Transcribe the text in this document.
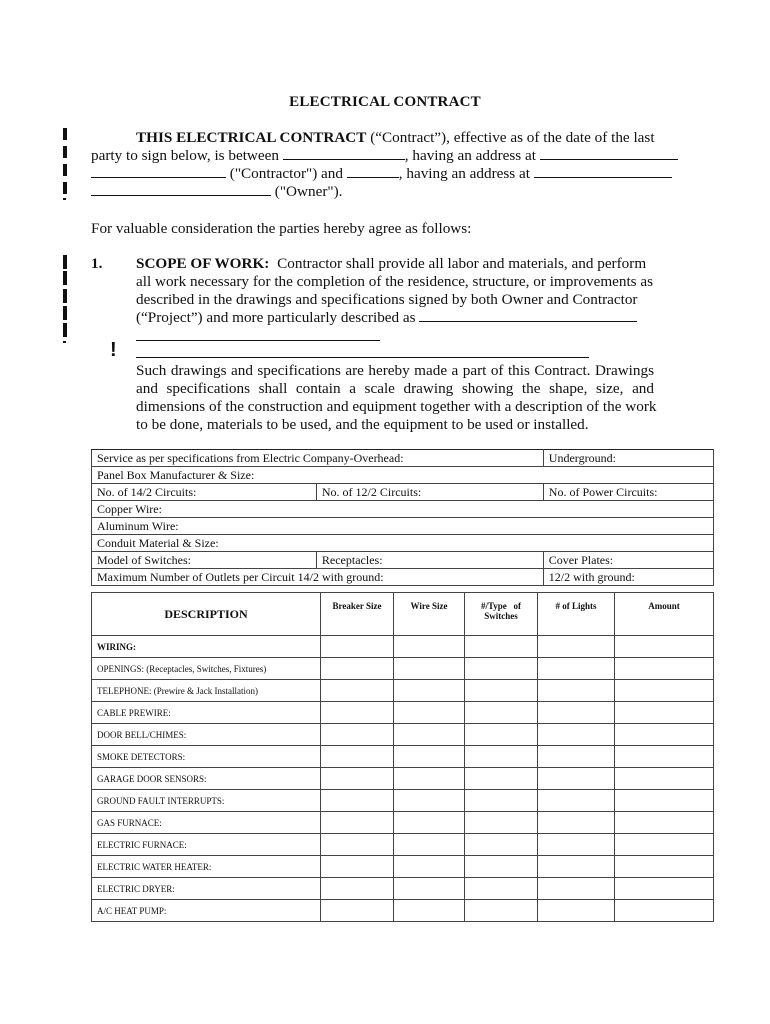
ELECTRICAL CONTRACT
!
THIS ELECTRICAL CONTRACT (“Contract”), effective as of the date of the last
party to sign below, is between	, having an address at
("Contractor") and	, having an address at
("Owner").
For valuable consideration the parties hereby agree as follows:
1. SCOPE OF WORK: Contractor shall provide all labor and materials, and perform
all work necessary for the completion of the residence, structure, or improvements as
described in the drawings and specifications signed by both Owner and Contractor
(“Project”) and more particularly described as
Such drawings and specifications are hereby made a part of this Contract. Drawings
and specifications shall contain a scale drawing showing the shape, size, and
dimensions of the construction and equipment together with a description of the work
to be done, materials to be used, and the equipment to be used or installed.
Service as per specifications from Electric Company-Overhead:		Underground:
Panel Box Manufacturer & Size:		
No. of 14/2 Circuits:	No. of 12/2 Circuits:	No. of Power Circuits:
Copper Wire:		
Aluminum Wire:		
Conduit Material & Size:		
Model of Switches:	Receptacles:	Cover Plates:
Maximum Number of Outlets per Circuit 14/2 with ground:		12/2 with ground:
DESCRIPTION	Breaker Size	Wire Size	#/Type   of
Switches	# of Lights	Amount
WIRING:					
OPENINGS: (Receptacles, Switches, Fixtures)					
TELEPHONE: (Prewire & Jack Installation)					
CABLE PREWIRE:					
DOOR BELL/CHIMES:					
SMOKE DETECTORS:					
GARAGE DOOR SENSORS:					
GROUND FAULT INTERRUPTS:					
GAS FURNACE:					
ELECTRIC FURNACE:					
ELECTRIC WATER HEATER:					
ELECTRIC DRYER:					
A/C HEAT PUMP:					
